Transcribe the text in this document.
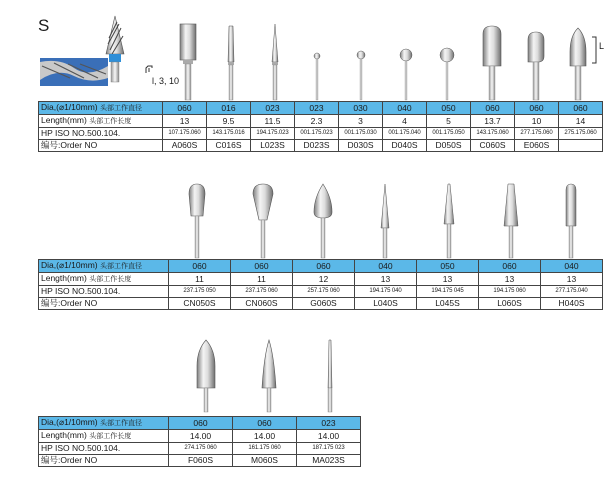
S
l, 3, 10
L
Dia,(⌀1/10mm) 头部工作直径	060	016	023	023	030	040	050	060	060	060
Length(mm) 头部工作长度	13	9.5	11.5	2.3	3	4	5	13.7	10	14
HP ISO NO.500.104.	107.175.060	143.175.016	194.175.023	001.175.023	001.175.030	001.175.040	001.175.050	143.175.060	277.175.060	275.175.060
编号:Order NO	A060S	C016S	L023S	D023S	D030S	D040S	D050S	C060S	E060S	
Dia,(⌀1/10mm) 头部工作直径	060	060	060	040	050	060	040
Length(mm) 头部工作长度	11	11	12	13	13	13	13
HP ISO NO.500.104.	237.175 050	237.175 060	257.175 060	194.175 040	194.175 045	194.175 060	277.175.040
编号:Order NO	CN050S	CN060S	G060S	L040S	L045S	L060S	H040S
Dia,(⌀1/10mm) 头部工作直径	060	060	023
Length(mm) 头部工作长度	14.00	14.00	14.00
HP ISO NO.500.104.	274.175 060	161.175 060	187.175 023
编号:Order NO	F060S	M060S	MA023S
